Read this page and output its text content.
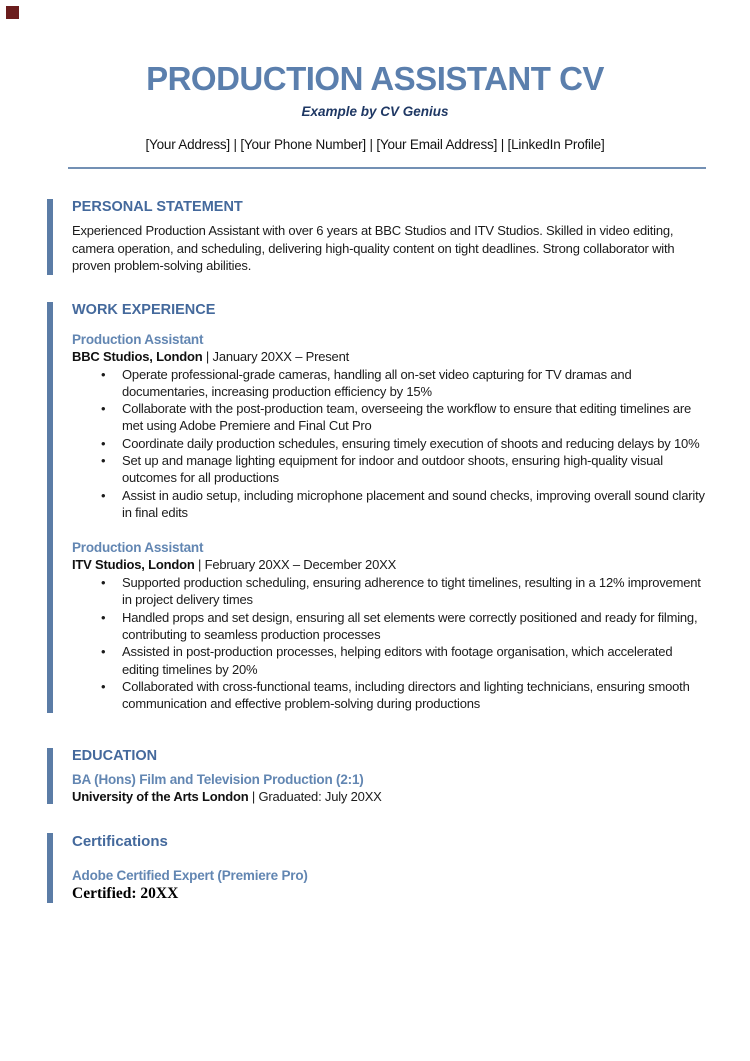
PRODUCTION ASSISTANT CV
Example by CV Genius
[Your Address] | [Your Phone Number] | [Your Email Address] | [LinkedIn Profile]
PERSONAL STATEMENT

Experienced Production Assistant with over 6 years at BBC Studios and ITV Studios. Skilled in video editing, camera operation, and scheduling, delivering high-quality content on tight deadlines. Strong collaborator with proven problem-solving abilities.

WORK EXPERIENCE
Production Assistant

BBC Studios, London | January 20XX – Present

• Operate professional-grade cameras, handling all on-set video capturing for TV dramas and documentaries, increasing production efficiency by 15%
• Collaborate with the post-production team, overseeing the workflow to ensure that editing timelines are met using Adobe Premiere and Final Cut Pro
• Coordinate daily production schedules, ensuring timely execution of shoots and reducing delays by 10%
• Set up and manage lighting equipment for indoor and outdoor shoots, ensuring high-quality visual outcomes for all productions
• Assist in audio setup, including microphone placement and sound checks, improving overall sound clarity in final edits
Production Assistant

ITV Studios, London | February 20XX – December 20XX

• Supported production scheduling, ensuring adherence to tight timelines, resulting in a 12% improvement in project delivery times
• Handled props and set design, ensuring all set elements were correctly positioned and ready for filming, contributing to seamless production processes
• Assisted in post-production processes, helping editors with footage organisation, which accelerated editing timelines by 20%
• Collaborated with cross-functional teams, including directors and lighting technicians, ensuring smooth communication and effective problem-solving during productions
EDUCATION
BA (Hons) Film and Television Production (2:1)

University of the Arts London | Graduated: July 20XX

Certifications
Adobe Certified Expert (Premiere Pro)

Certified: 20XX
